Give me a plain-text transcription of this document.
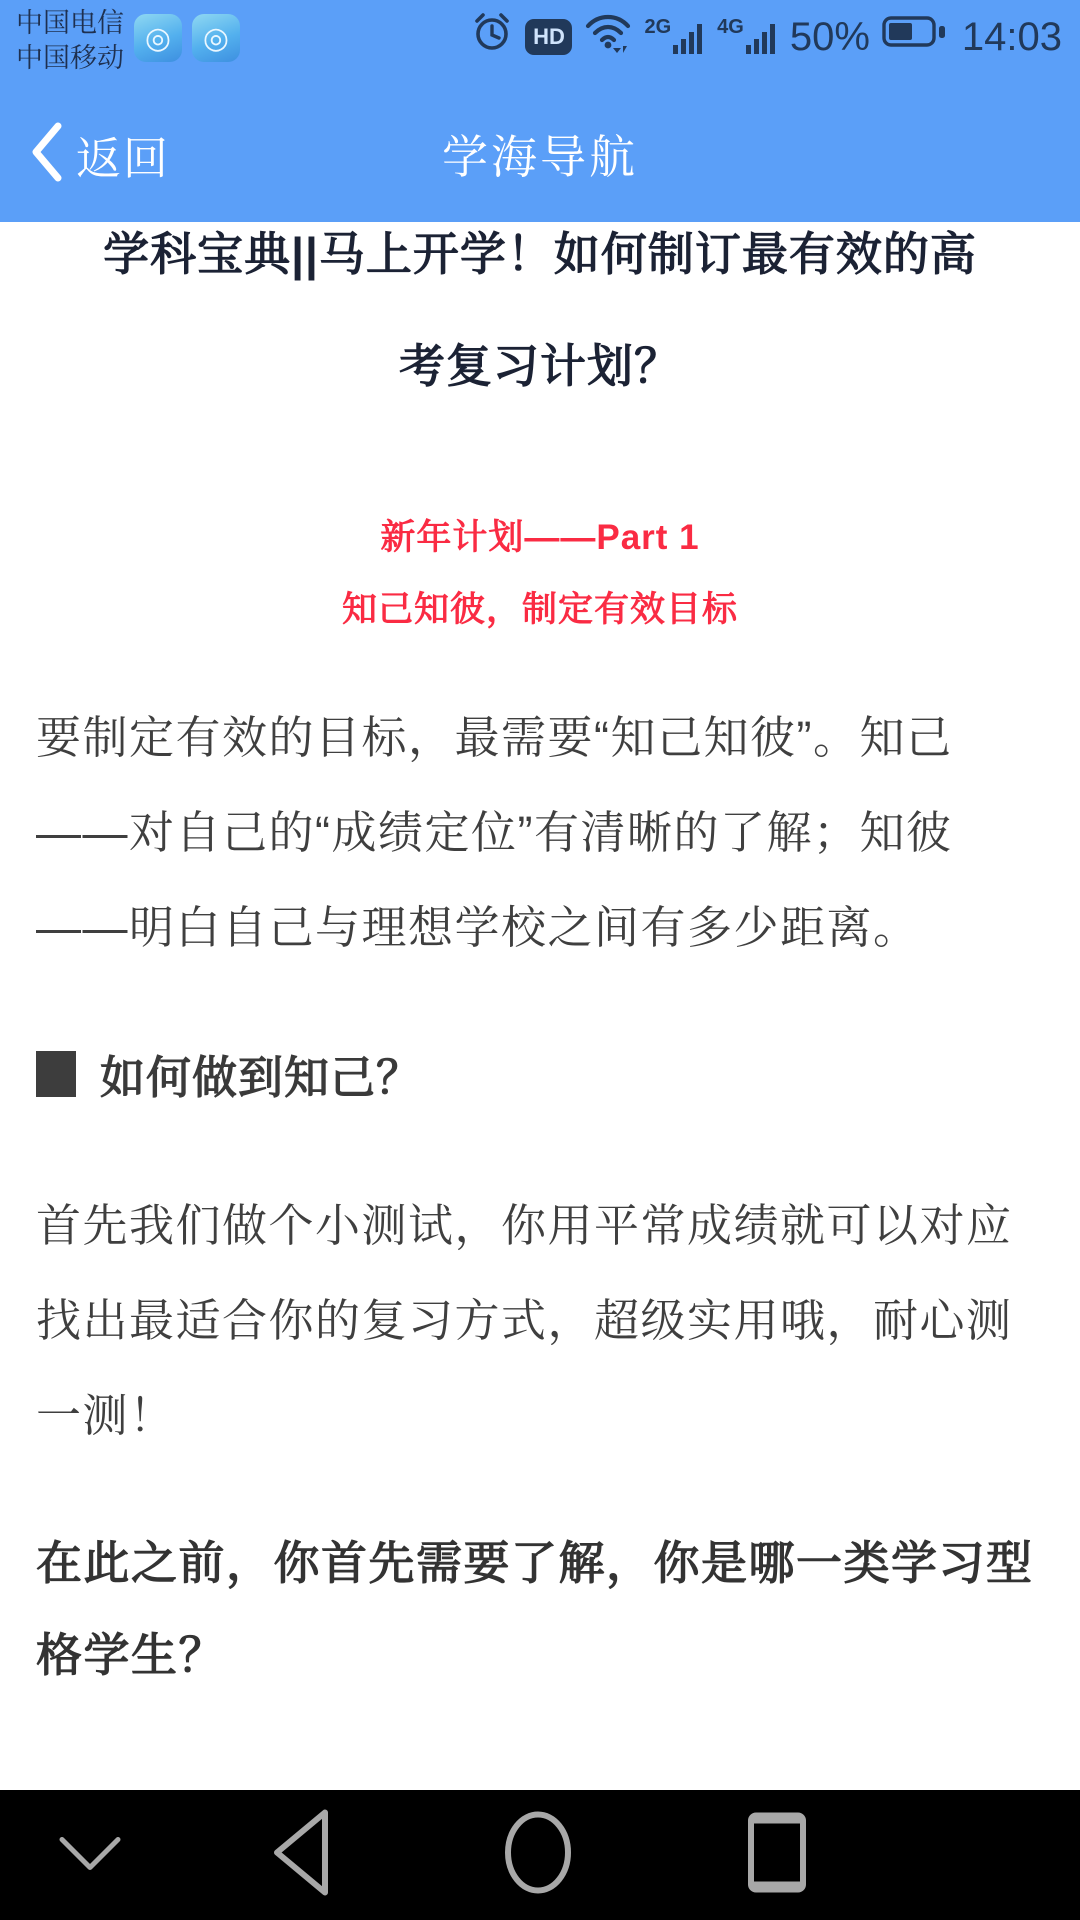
中国电信
中国移动
◎	◎	HD	2G 4G 50% 14:03
返回	学海导航
学科宝典||马上开学！如何制订最有效的高
考复习计划？
新年计划——Part 1
知己知彼，制定有效目标

要制定有效的目标，最需要“知己知彼”。知己——对自己的“成绩定位”有清晰的了解；知彼——明白自己与理想学校之间有多少距离。

如何做到知己？

首先我们做个小测试，你用平常成绩就可以对应找出最适合你的复习方式，超级实用哦，耐心测一测！

在此之前，你首先需要了解，你是哪一类学习型格学生？
